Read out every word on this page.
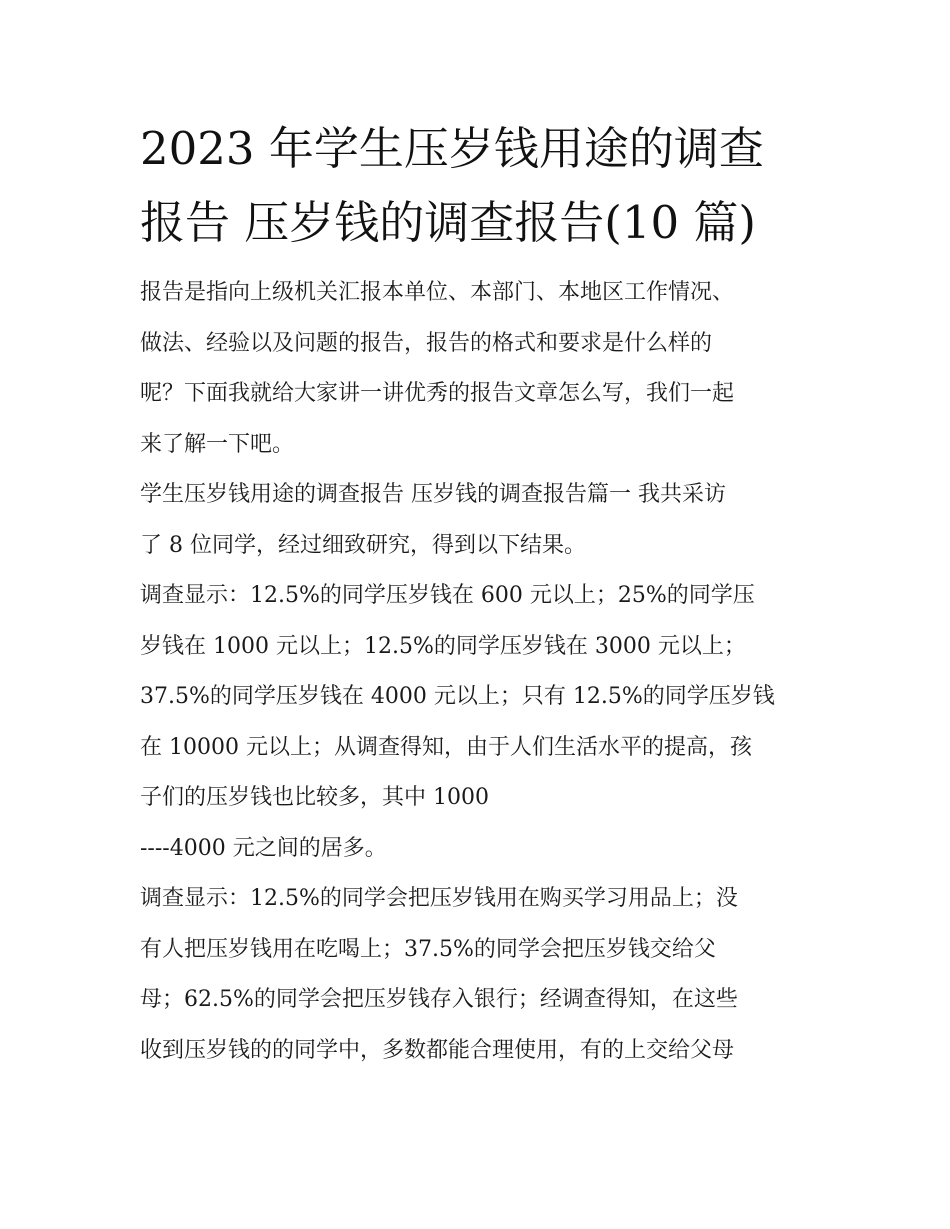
2023 年学生压岁钱用途的调查
报告 压岁钱的调查报告(10 篇)
报告是指向上级机关汇报本单位、本部门、本地区工作情况、
做法、经验以及问题的报告，报告的格式和要求是什么样的
呢？下面我就给大家讲一讲优秀的报告文章怎么写，我们一起
来了解一下吧。
学生压岁钱用途的调查报告 压岁钱的调查报告篇一 我共采访
了 8 位同学，经过细致研究，得到以下结果。
调查显示：12.5%的同学压岁钱在 600 元以上；25%的同学压
岁钱在 1000 元以上；12.5%的同学压岁钱在 3000 元以上；
37.5%的同学压岁钱在 4000 元以上；只有 12.5%的同学压岁钱
在 10000 元以上；从调查得知，由于人们生活水平的提高，孩
子们的压岁钱也比较多，其中 1000
----4000 元之间的居多。
调查显示：12.5%的同学会把压岁钱用在购买学习用品上；没
有人把压岁钱用在吃喝上；37.5%的同学会把压岁钱交给父
母；62.5%的同学会把压岁钱存入银行；经调查得知，在这些
收到压岁钱的的同学中，多数都能合理使用，有的上交给父母
